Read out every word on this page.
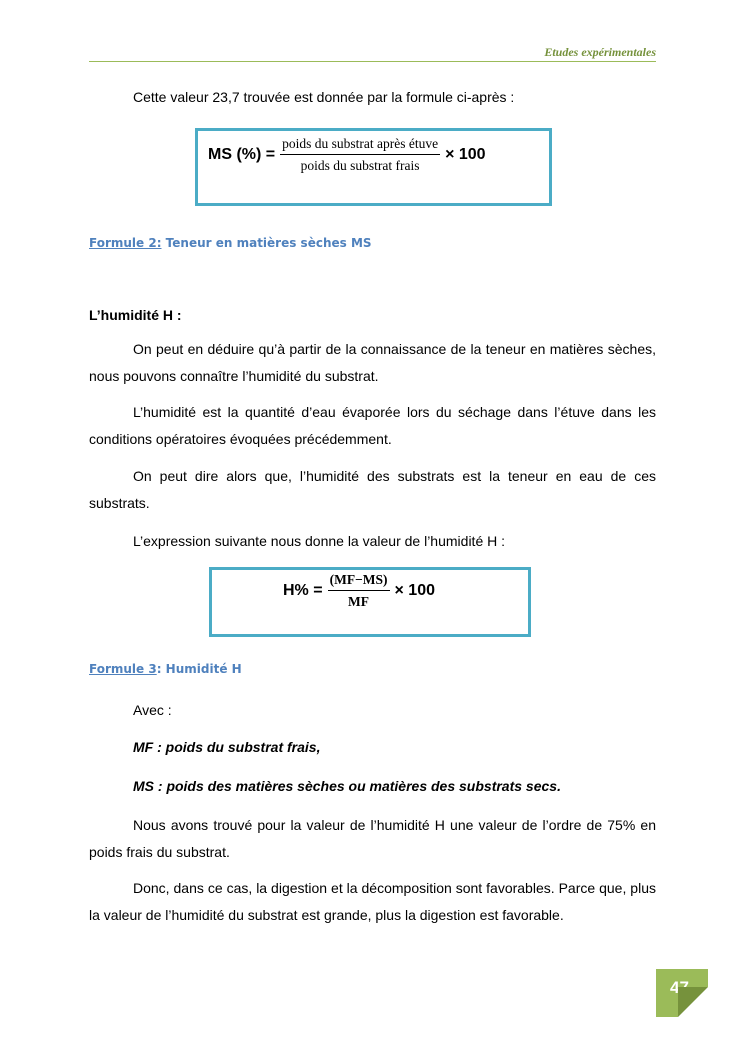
Etudes expérimentales
Cette valeur 23,7 trouvée est donnée par la formule ci-après :
MS (%) = $\frac{\text{poids du substrat après étuve}}{\text{poids du substrat frais}} \times 100$
Formule 2: Teneur en matières sèches MS
L’humidité H :
On peut en déduire qu’à partir de la connaissance de la teneur en matières sèches, nous pouvons connaître l’humidité du substrat.
L’humidité est la quantité d’eau évaporée lors du séchage dans l’étuve dans les conditions opératoires évoquées précédemment.
On peut dire alors que, l’humidité des substrats est la teneur en eau de ces substrats.
L’expression suivante nous donne la valeur de l’humidité H :
$H\% = \frac{(MF-MS)}{MF} \times 100$
Formule 3: Humidité H
Avec :
MF : poids du substrat frais,
MS : poids des matières sèches ou matières des substrats secs.
Nous avons trouvé pour la valeur de l’humidité H une valeur de l’ordre de 75% en poids frais du substrat.
Donc, dans ce cas, la digestion et la décomposition sont favorables. Parce que, plus la valeur de l’humidité du substrat est grande, plus la digestion est favorable.
47
